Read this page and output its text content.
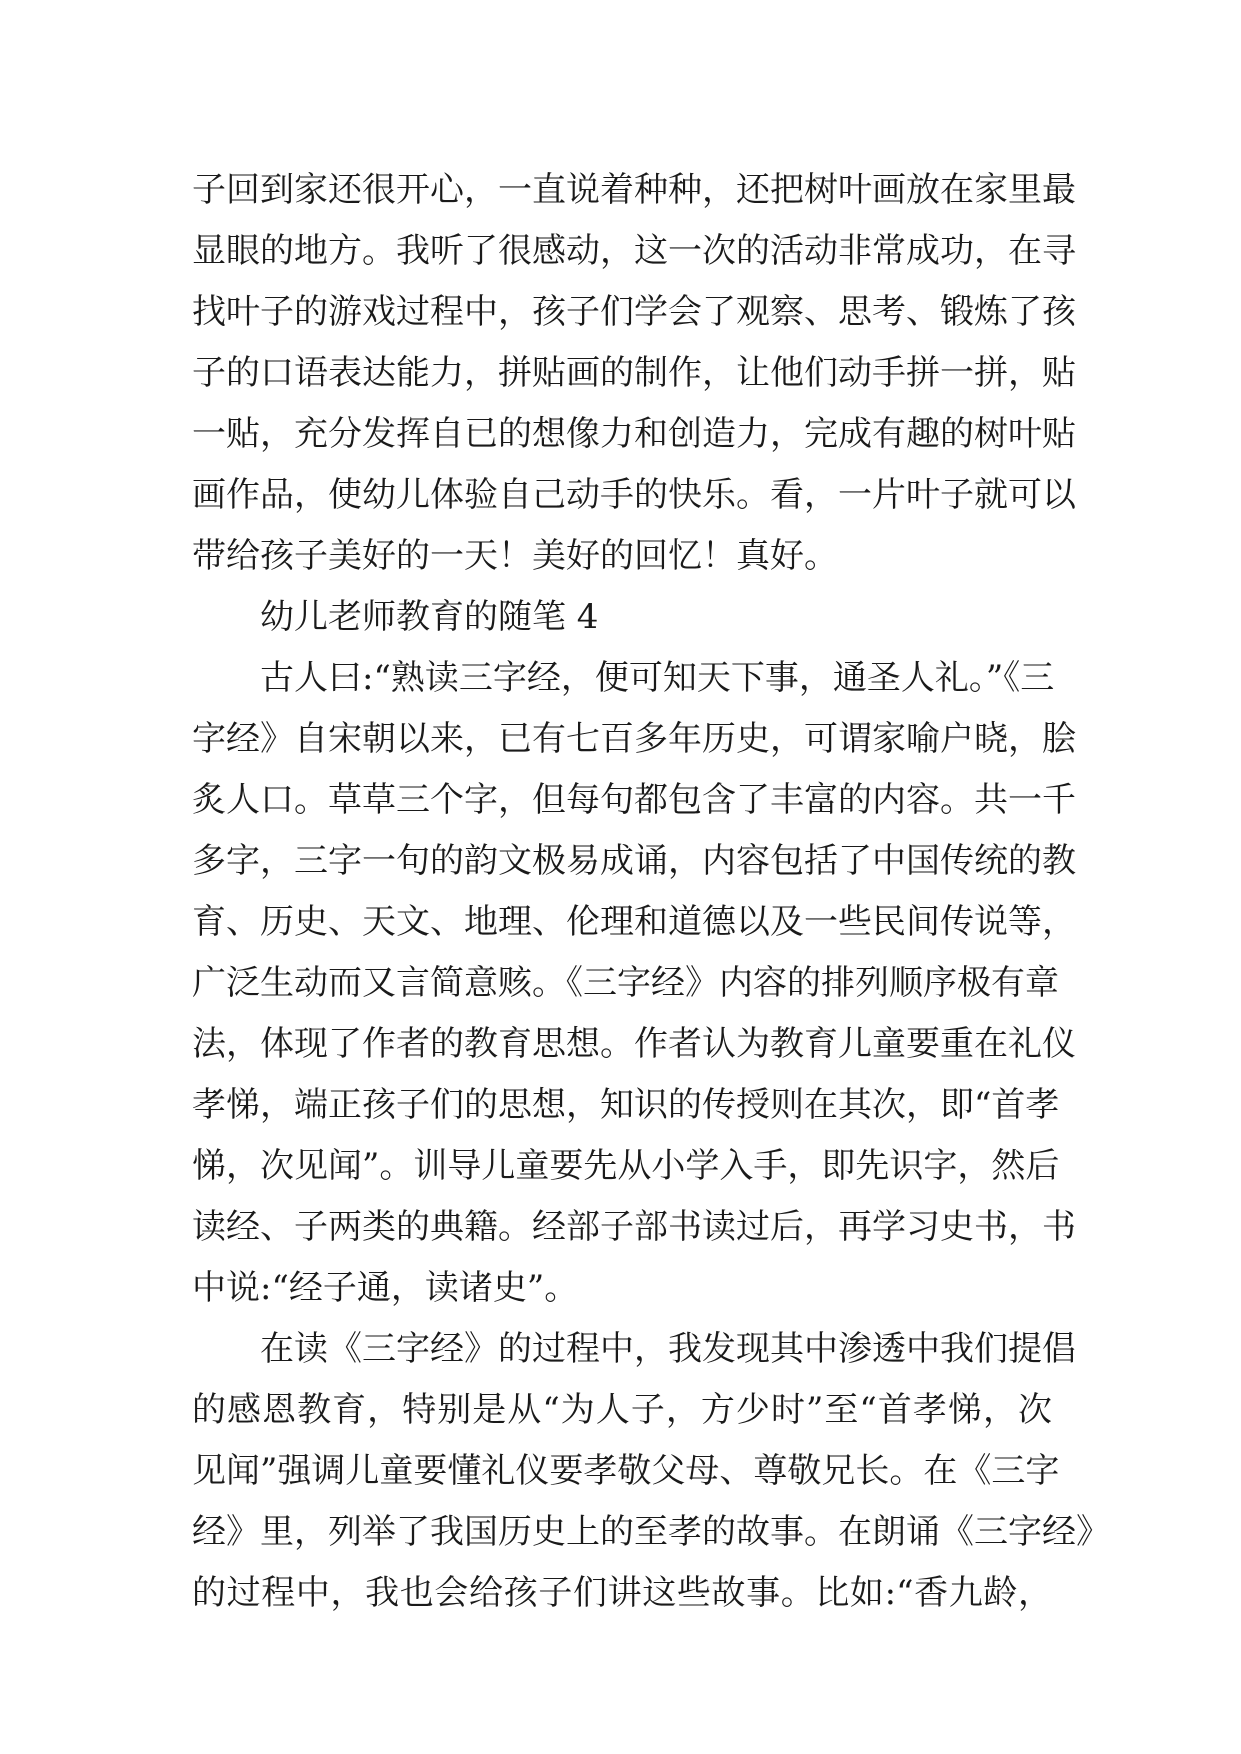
子回到家还很开心，一直说着种种，还把树叶画放在家里最
显眼的地方。我听了很感动，这一次的活动非常成功，在寻
找叶子的游戏过程中，孩子们学会了观察、思考、锻炼了孩
子的口语表达能力，拼贴画的制作，让他们动手拼一拼，贴
一贴，充分发挥自已的想像力和创造力，完成有趣的树叶贴
画作品，使幼儿体验自己动手的快乐。看，一片叶子就可以
带给孩子美好的一天！美好的回忆！真好。
幼儿老师教育的随笔 4
古人曰:“熟读三字经，便可知天下事，通圣人礼。”《三
字经》自宋朝以来，已有七百多年历史，可谓家喻户晓，脍
炙人口。草草三个字，但每句都包含了丰富的内容。共一千
多字，三字一句的韵文极易成诵，内容包括了中国传统的教
育、历史、天文、地理、伦理和道德以及一些民间传说等，
广泛生动而又言简意赅。《三字经》内容的排列顺序极有章
法，体现了作者的教育思想。作者认为教育儿童要重在礼仪
孝悌，端正孩子们的思想，知识的传授则在其次，即“首孝
悌，次见闻”。训导儿童要先从小学入手，即先识字，然后
读经、子两类的典籍。经部子部书读过后，再学习史书，书
中说:“经子通，读诸史”。
在读《三字经》的过程中，我发现其中渗透中我们提倡
的感恩教育，特别是从“为人子，方少时”至“首孝悌，次
见闻”强调儿童要懂礼仪要孝敬父母、尊敬兄长。在《三字
经》里，列举了我国历史上的至孝的故事。在朗诵《三字经》
的过程中，我也会给孩子们讲这些故事。比如:“香九龄，
